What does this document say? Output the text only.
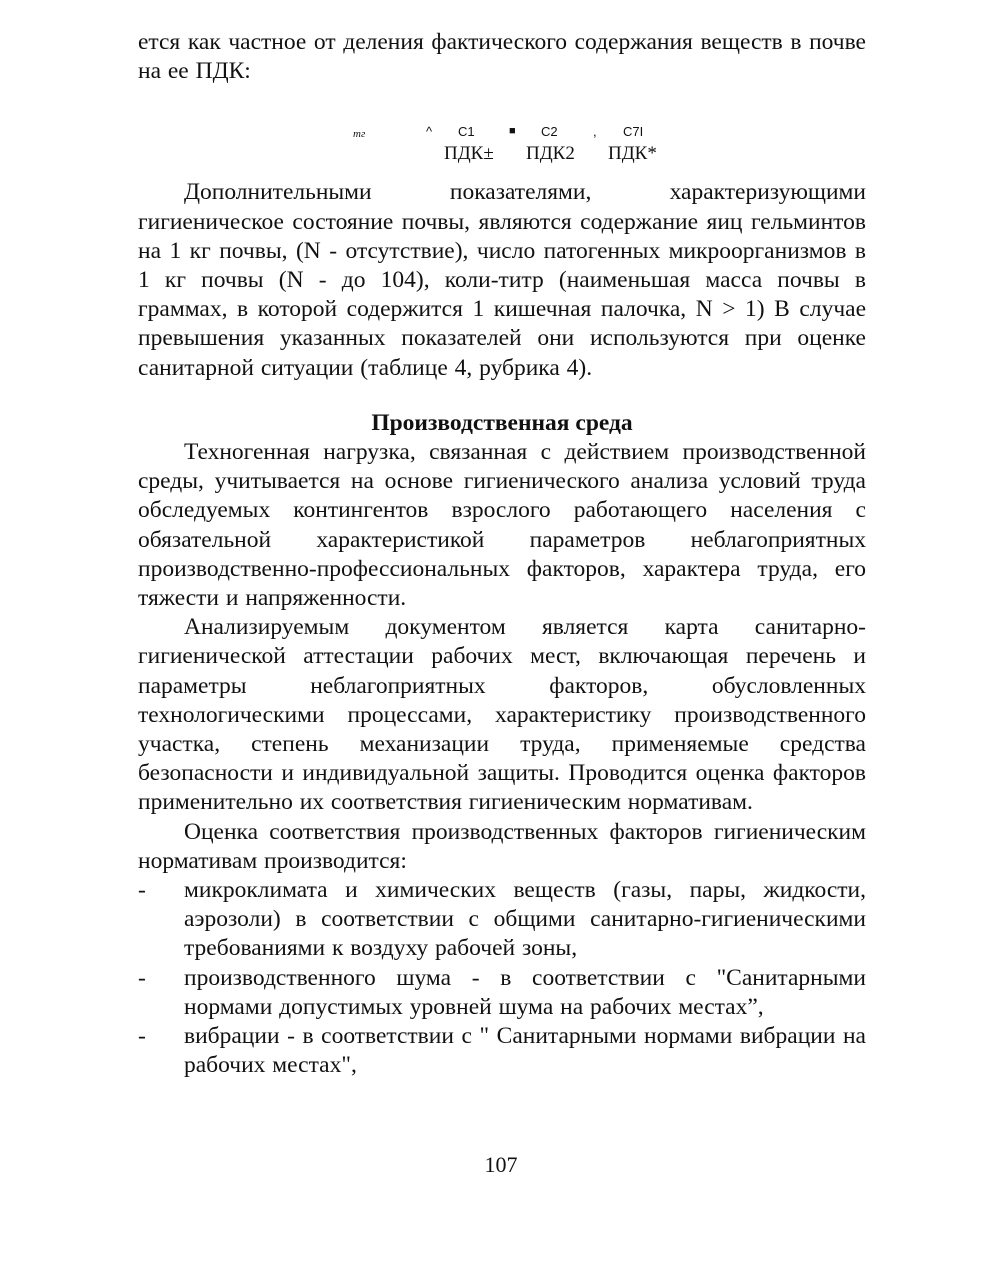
ется как частное от деления фактического содержания веществ в почве на ее ПДК:

тг	^ С1	■ С2	, С7І
ПДК± ПДК2 ПДК*

Дополнительными показателями, характеризующими гигиеническое состояние почвы, являются содержание яиц гельминтов на 1 кг почвы, (N - отсутствие), число патогенных микроорганизмов в 1 кг почвы (N - до 104), коли-титр (наименьшая масса почвы в граммах, в которой содержится 1 кишечная палочка, N > 1) В случае превышения указанных показателей они используются при оценке санитарной ситуации (таблице 4, рубрика 4).

Производственная среда

Техногенная нагрузка, связанная с действием производственной среды, учитывается на основе гигиенического анализа условий труда обследуемых контингентов взрослого работающего населения с обязательной характеристикой параметров неблагоприятных производственно-профессиональных факторов, характера труда, его тяжести и напряженности.

Анализируемым документом является карта санитарно-гигиенической аттестации рабочих мест, включающая перечень и параметры неблагоприятных факторов, обусловленных технологическими процессами, характеристику производственного участка, степень механизации труда, применяемые средства безопасности и индивидуальной защиты. Проводится оценка факторов применительно их соответствия гигиеническим нормативам.

Оценка соответствия производственных факторов гигиеническим нормативам производится:

- микроклимата и химических веществ (газы, пары, жидкости, аэрозоли) в соответствии с общими санитарно-гигиеническими требованиями к воздуху рабочей зоны,

- производственного шума - в соответствии с "Санитарными нормами допустимых уровней шума на рабочих местах”,

- вибрации - в соответствии с " Санитарными нормами вибрации на рабочих местах",

107
